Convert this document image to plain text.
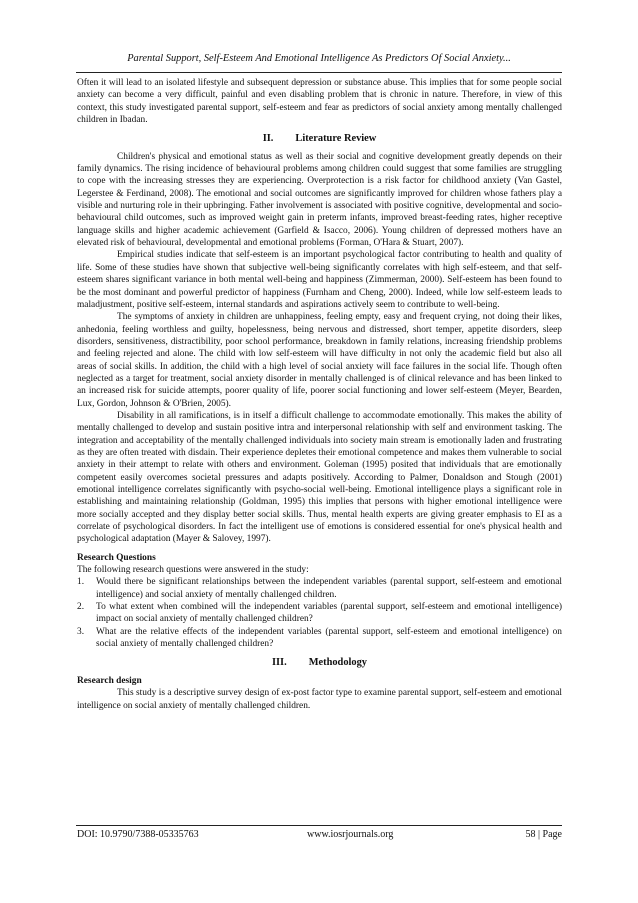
Parental Support, Self-Esteem And Emotional Intelligence As Predictors Of Social Anxiety...

Often it will lead to an isolated lifestyle and subsequent depression or substance abuse. This implies that for some people social anxiety can become a very difficult, painful and even disabling problem that is chronic in nature. Therefore, in view of this context, this study investigated parental support, self-esteem and fear as predictors of social anxiety among mentally challenged children in Ibadan.

II. Literature Review

Children's physical and emotional status as well as their social and cognitive development greatly depends on their family dynamics. The rising incidence of behavioural problems among children could suggest that some families are struggling to cope with the increasing stresses they are experiencing. Overprotection is a risk factor for childhood anxiety (Van Gastel, Legerstee & Ferdinand, 2008). The emotional and social outcomes are significantly improved for children whose fathers play a visible and nurturing role in their upbringing. Father involvement is associated with positive cognitive, developmental and socio-behavioural child outcomes, such as improved weight gain in preterm infants, improved breast-feeding rates, higher receptive language skills and higher academic achievement (Garfield & Isacco, 2006). Young children of depressed mothers have an elevated risk of behavioural, developmental and emotional problems (Forman, O'Hara & Stuart, 2007).

Empirical studies indicate that self-esteem is an important psychological factor contributing to health and quality of life. Some of these studies have shown that subjective well-being significantly correlates with high self-esteem, and that self-esteem shares significant variance in both mental well-being and happiness (Zimmerman, 2000). Self-esteem has been found to be the most dominant and powerful predictor of happiness (Furnham and Cheng, 2000). Indeed, while low self-esteem leads to maladjustment, positive self-esteem, internal standards and aspirations actively seem to contribute to well-being.

The symptoms of anxiety in children are unhappiness, feeling empty, easy and frequent crying, not doing their likes, anhedonia, feeling worthless and guilty, hopelessness, being nervous and distressed, short temper, appetite disorders, sleep disorders, sensitiveness, distractibility, poor school performance, breakdown in family relations, increasing friendship problems and feeling rejected and alone. The child with low self-esteem will have difficulty in not only the academic field but also all areas of social skills. In addition, the child with a high level of social anxiety will face failures in the social life. Though often neglected as a target for treatment, social anxiety disorder in mentally challenged is of clinical relevance and has been linked to an increased risk for suicide attempts, poorer quality of life, poorer social functioning and lower self-esteem (Meyer, Bearden, Lux, Gordon, Johnson & O'Brien, 2005).

Disability in all ramifications, is in itself a difficult challenge to accommodate emotionally. This makes the ability of mentally challenged to develop and sustain positive intra and interpersonal relationship with self and environment tasking. The integration and acceptability of the mentally challenged individuals into society main stream is emotionally laden and frustrating as they are often treated with disdain. Their experience depletes their emotional competence and makes them vulnerable to social anxiety in their attempt to relate with others and environment. Goleman (1995) posited that individuals that are emotionally competent easily overcomes societal pressures and adapts positively. According to Palmer, Donaldson and Stough (2001) emotional intelligence correlates significantly with psycho-social well-being. Emotional intelligence plays a significant role in establishing and maintaining relationship (Goldman, 1995) this implies that persons with higher emotional intelligence were more socially accepted and they display better social skills. Thus, mental health experts are giving greater emphasis to EI as a correlate of psychological disorders. In fact the intelligent use of emotions is considered essential for one's physical health and psychological adaptation (Mayer & Salovey, 1997).

Research Questions

The following research questions were answered in the study:

1. Would there be significant relationships between the independent variables (parental support, self-esteem and emotional intelligence) and social anxiety of mentally challenged children.
2. To what extent when combined will the independent variables (parental support, self-esteem and emotional intelligence) impact on social anxiety of mentally challenged children?
3. What are the relative effects of the independent variables (parental support, self-esteem and emotional intelligence) on social anxiety of mentally challenged children?
III. Methodology
Research design

This study is a descriptive survey design of ex-post factor type to examine parental support, self-esteem and emotional intelligence on social anxiety of mentally challenged children.

DOI: 10.9790/7388-05335763	www.iosrjournals.org	58 | Page
